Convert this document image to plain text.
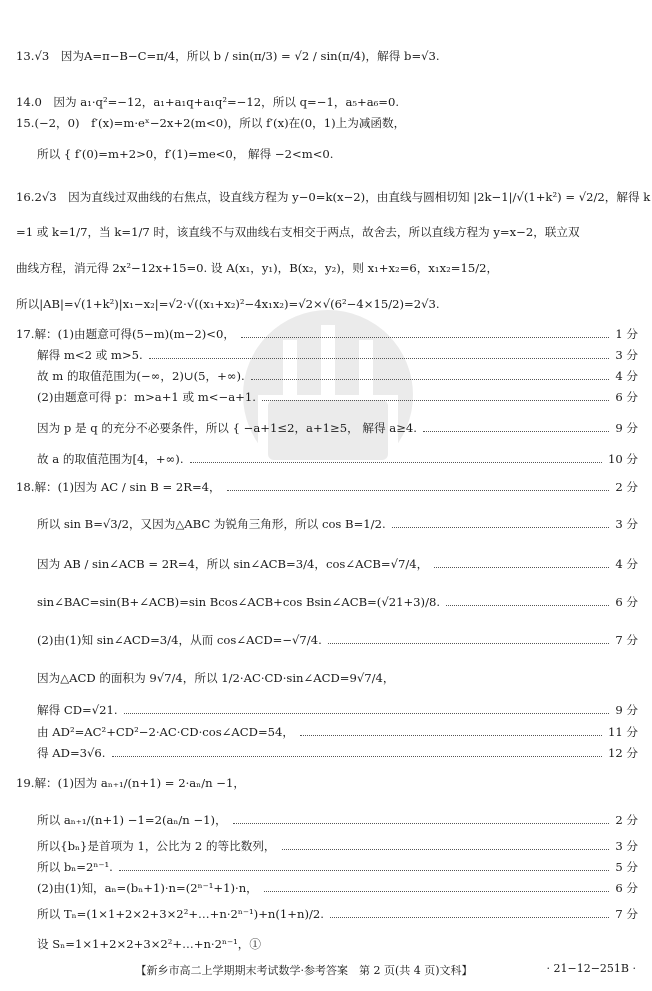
13.√3　因为A=π−B−C=π/4，所以 b / sin(π/3) = √2 / sin(π/4)，解得 b=√3.
14.0　因为 a₁·q²=−12，a₁+a₁q+a₁q²=−12，所以 q=−1，a₅+a₆=0.
15.(−2，0)　f′(x)=m·eˣ−2x+2(m<0)，所以 f′(x)在(0，1)上为减函数，
所以 { f′(0)=m+2>0，f′(1)=me<0， 解得 −2<m<0.
16.2√3　因为直线过双曲线的右焦点，设直线方程为 y−0=k(x−2)，由直线与圆相切知 |2k−1|/√(1+k²) = √2/2，解得 k
=1 或 k=1/7，当 k=1/7 时，该直线不与双曲线右支相交于两点，故舍去，所以直线方程为 y=x−2，联立双
曲线方程，消元得 2x²−12x+15=0. 设 A(x₁，y₁)，B(x₂，y₂)，则 x₁+x₂=6，x₁x₂=15/2，
所以|AB|=√(1+k²)|x₁−x₂|=√2·√((x₁+x₂)²−4x₁x₂)=√2×√(6²−4×15/2)=2√3.
17.解：(1)由题意可得(5−m)(m−2)<0，	1 分
解得 m<2 或 m>5.	3 分
故 m 的取值范围为(−∞，2)∪(5，+∞).	4 分
(2)由题意可得 p：m>a+1 或 m<−a+1.	6 分
因为 p 是 q 的充分不必要条件，所以 { −a+1≤2，a+1≥5， 解得 a≥4.	9 分
故 a 的取值范围为[4，+∞).	10 分
18.解：(1)因为 AC / sin B = 2R=4，	2 分
所以 sin B=√3/2，又因为△ABC 为锐角三角形，所以 cos B=1/2.	3 分
因为 AB / sin∠ACB = 2R=4，所以 sin∠ACB=3/4，cos∠ACB=√7/4，	4 分
sin∠BAC=sin(B+∠ACB)=sin Bcos∠ACB+cos Bsin∠ACB=(√21+3)/8.	6 分
(2)由(1)知 sin∠ACD=3/4，从而 cos∠ACD=−√7/4.	7 分
因为△ACD 的面积为 9√7/4，所以 1/2·AC·CD·sin∠ACD=9√7/4，
解得 CD=√21.	9 分
由 AD²=AC²+CD²−2·AC·CD·cos∠ACD=54，	11 分
得 AD=3√6.	12 分
19.解：(1)因为 aₙ₊₁/(n+1) = 2·aₙ/n −1，
所以 aₙ₊₁/(n+1) −1=2(aₙ/n −1)，	2 分
所以{bₙ}是首项为 1，公比为 2 的等比数列，	3 分
所以 bₙ=2ⁿ⁻¹.	5 分
(2)由(1)知，aₙ=(bₙ+1)·n=(2ⁿ⁻¹+1)·n，	6 分
所以 Tₙ=(1×1+2×2+3×2²+…+n·2ⁿ⁻¹)+n(1+n)/2.	7 分
设 Sₙ=1×1+2×2+3×2²+…+n·2ⁿ⁻¹，①
【新乡市高二上学期期末考试数学·参考答案　第 2 页(共 4 页)文科】	· 21−12−251B ·
